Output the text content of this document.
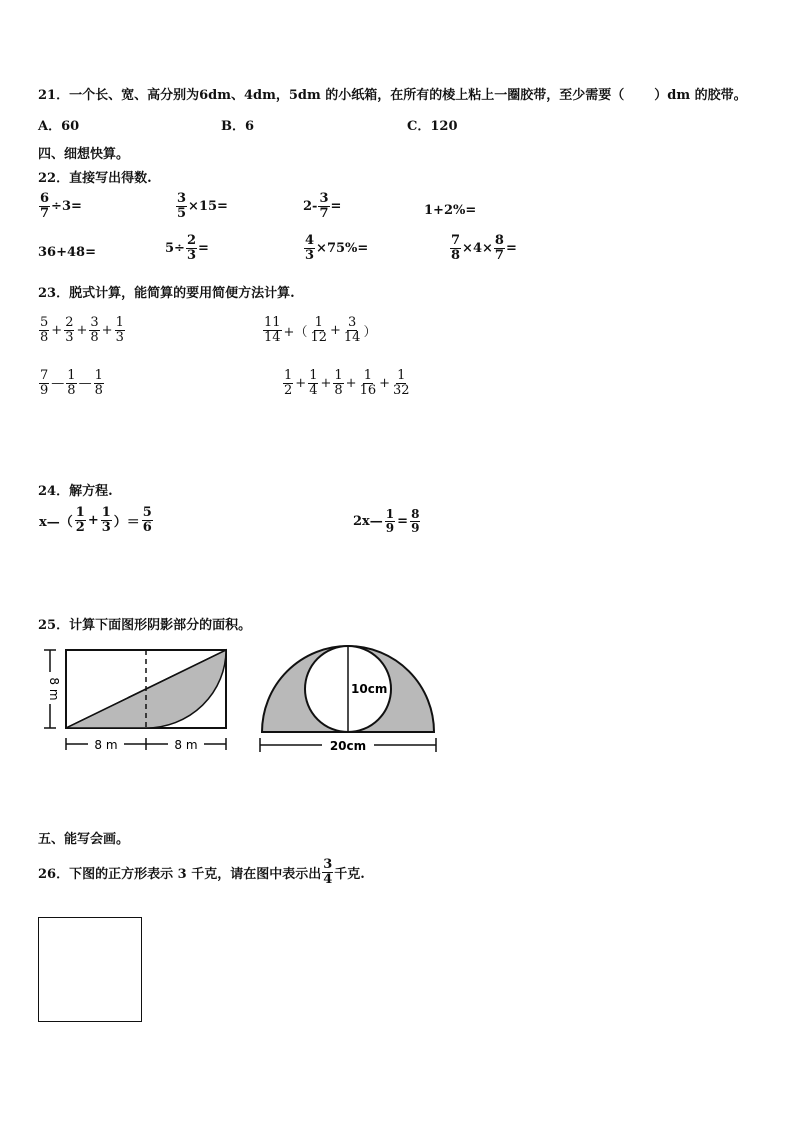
21．一个长、宽、高分别为6dm、4dm，5dm 的小纸箱，在所有的棱上粘上一圈胶带，至少需要（ ）dm 的胶带。
A．60	B．6	C．120
四、细想快算。
22．直接写出得数.
$\frac{6}{7} \div 3=$	$\frac{3}{5} \times 15=$	$2- \frac{3}{7}$ =	1+2%=
36+48=	$5\div \frac{2}{3}$ =	$\frac{4}{3} \times 75\%=$	$\frac{7}{8} \times 4\times \frac{8}{7}$ =
23．脱式计算，能简算的要用简便方法计算.
$\frac{5}{8} + \frac{2}{3} + \frac{3}{8} + \frac{1}{3}$	$\frac{11}{14}$ +（ $\frac{1}{12} + \frac{3}{14}$ ）
$\frac{7}{9}$ — $\frac{1}{8}$ — $\frac{1}{8}$	$\frac{1}{2} + \frac{1}{4} + \frac{1}{8} + \frac{1}{16} + \frac{1}{32}$
24．解方程.
x—（ $\frac{1}{2} + \frac{1}{3}$ ）＝ $\frac{5}{6}$	2x— $\frac{1}{9} = \frac{8}{9}$
25．计算下面图形阴影部分的面积。
8 m
8 m	8 m
10cm
20cm
五、能写会画。
26．下图的正方形表示 3 千克，请在图中表示出 $\frac{3}{4}$ 千克.
